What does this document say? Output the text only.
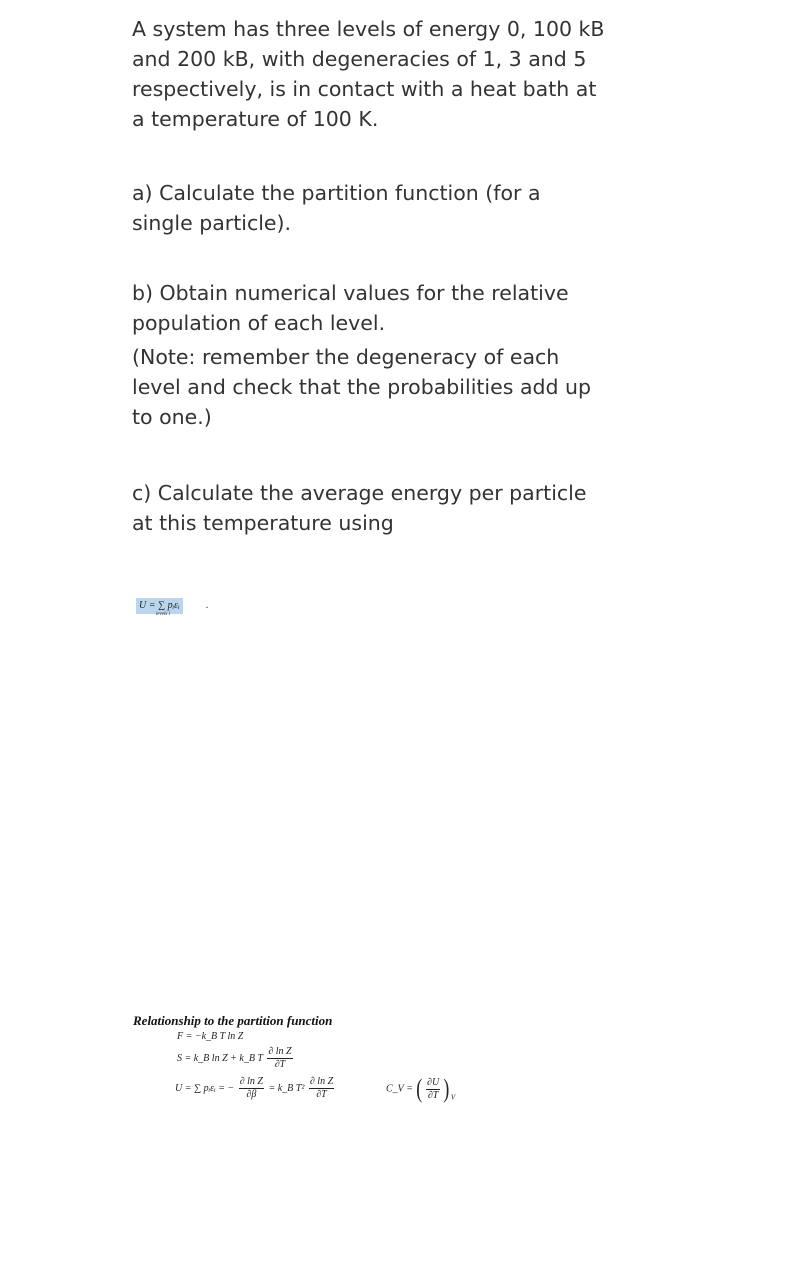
A system has three levels of energy 0, 100 kB
and 200 kB, with degeneracies of 1, 3 and 5
respectively, is in contact with a heat bath at
a temperature of 100 K.

a) Calculate the partition function (for a
single particle).

b) Obtain numerical values for the relative
population of each level.

(Note: remember the degeneracy of each
level and check that the probabilities add up
to one.)

c) Calculate the average energy per particle
at this temperature using

U = ∑ pᵢεᵢ
levels i
.

Relationship to the partition function

F = −k_B T ln Z
S = k_B ln Z + k_B T $\frac{\text{∂ ln Z}}{\partial T}$
U = ∑ pᵢεᵢ = − $\frac{\text{∂ ln Z}}{\partial\beta}$ = k_B $T^2 \frac{\text{∂ ln Z}}{\partial T}$	C_V = ( $\frac{\partial U}{\partial T} )_V$
